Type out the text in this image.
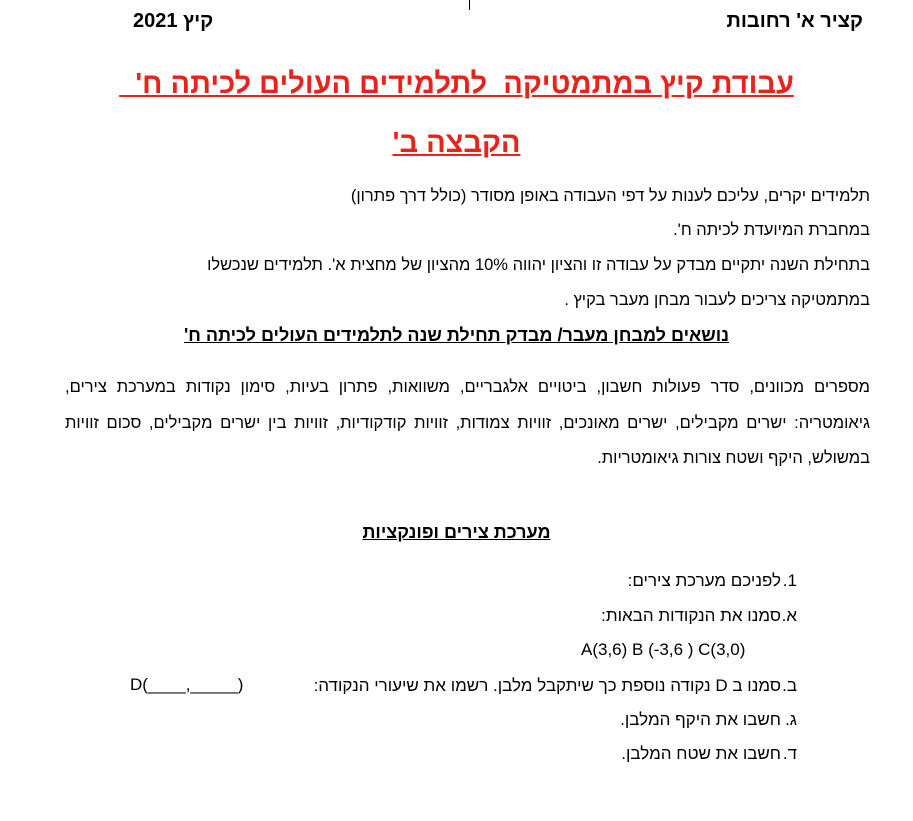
קציר א' רחובות
קיץ 2021
עבודת קיץ במתמטיקה  לתלמידים העולים לכיתה ח'
הקבצה ב'
תלמידים יקרים, עליכם לענות על דפי העבודה באופן מסודר (כולל דרך פתרון)
במחברת המיועדת לכיתה ח'.
בתחילת השנה יתקיים מבדק על עבודה זו והציון יהווה 10% מהציון של מחצית א'. תלמידים שנכשלו
במתמטיקה צריכים לעבור מבחן מעבר בקיץ .
נושאים למבחן מעבר/ מבדק תחילת שנה לתלמידים העולים לכיתה ח'
מספרים מכוונים, סדר פעולות חשבון, ביטויים אלגבריים, משוואות, פתרון בעיות, סימון נקודות במערכת צירים, גיאומטריה: ישרים מקבילים, ישרים מאונכים, זוויות צמודות, זוויות קודקודיות, זוויות בין ישרים מקבילים, סכום זוויות במשולש, היקף ושטח צורות גיאומטריות.
מערכת צירים ופונקציות
1.
לפניכם מערכת צירים:
א.
סמנו את הנקודות הבאות:
A(3,6) B (-3,6 ) C(3,0)
ב.
סמנו ב D נקודה נוספת כך שיתקבל מלבן. רשמו את שיעורי הנקודה:
D(____,_____)
ג.
חשבו את היקף המלבן.
ד.
חשבו את שטח המלבן.
